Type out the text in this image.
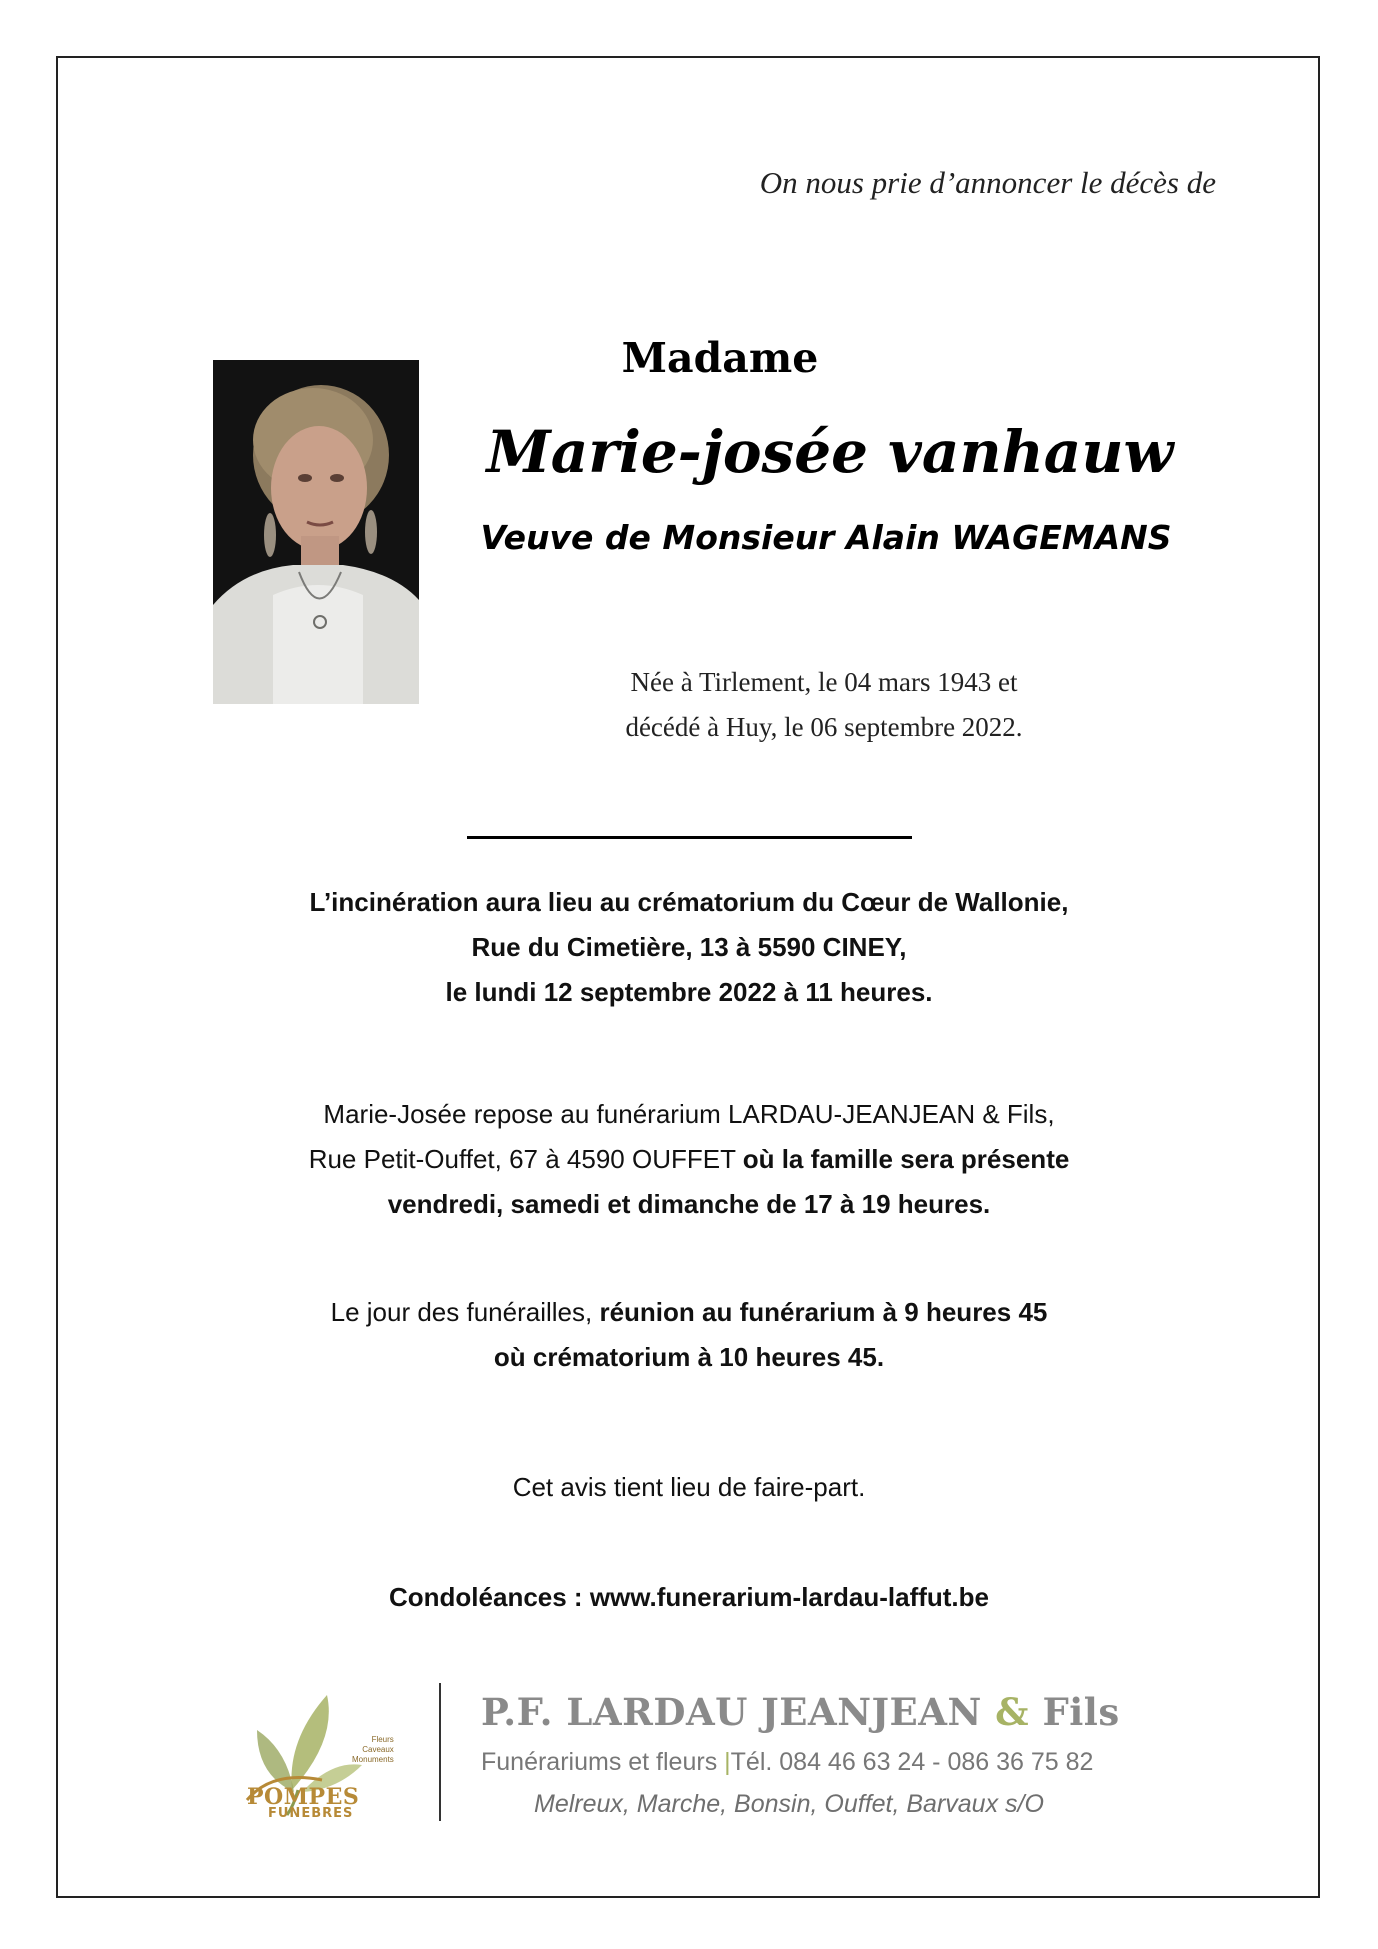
On nous prie d’annoncer le décès de
Madame
Marie-josée vanhauw
Veuve de Monsieur Alain WAGEMANS
Née à Tirlement, le 04 mars 1943 et
décédé à Huy, le 06 septembre 2022.
L’incinération aura lieu au crématorium du Cœur de Wallonie,
Rue du Cimetière, 13 à 5590 CINEY,
le lundi 12 septembre 2022 à 11 heures.
Marie-Josée repose au funérarium LARDAU-JEANJEAN & Fils,
Rue Petit-Ouffet, 67 à 4590 OUFFET où la famille sera présente
vendredi, samedi et dimanche de 17 à 19 heures.
Le jour des funérailles, réunion au funérarium à 9 heures 45
où crématorium à 10 heures 45.
Cet avis tient lieu de faire-part.
Condoléances : www.funerarium-lardau-laffut.be
Fleurs
Caveaux
Monuments
POMPES
FUNEBRES
P.F. LARDAU JEANJEAN & Fils
Funérariums et fleurs |Tél. 084 46 63 24 - 086 36 75 82
Melreux, Marche, Bonsin, Ouffet, Barvaux s/O
